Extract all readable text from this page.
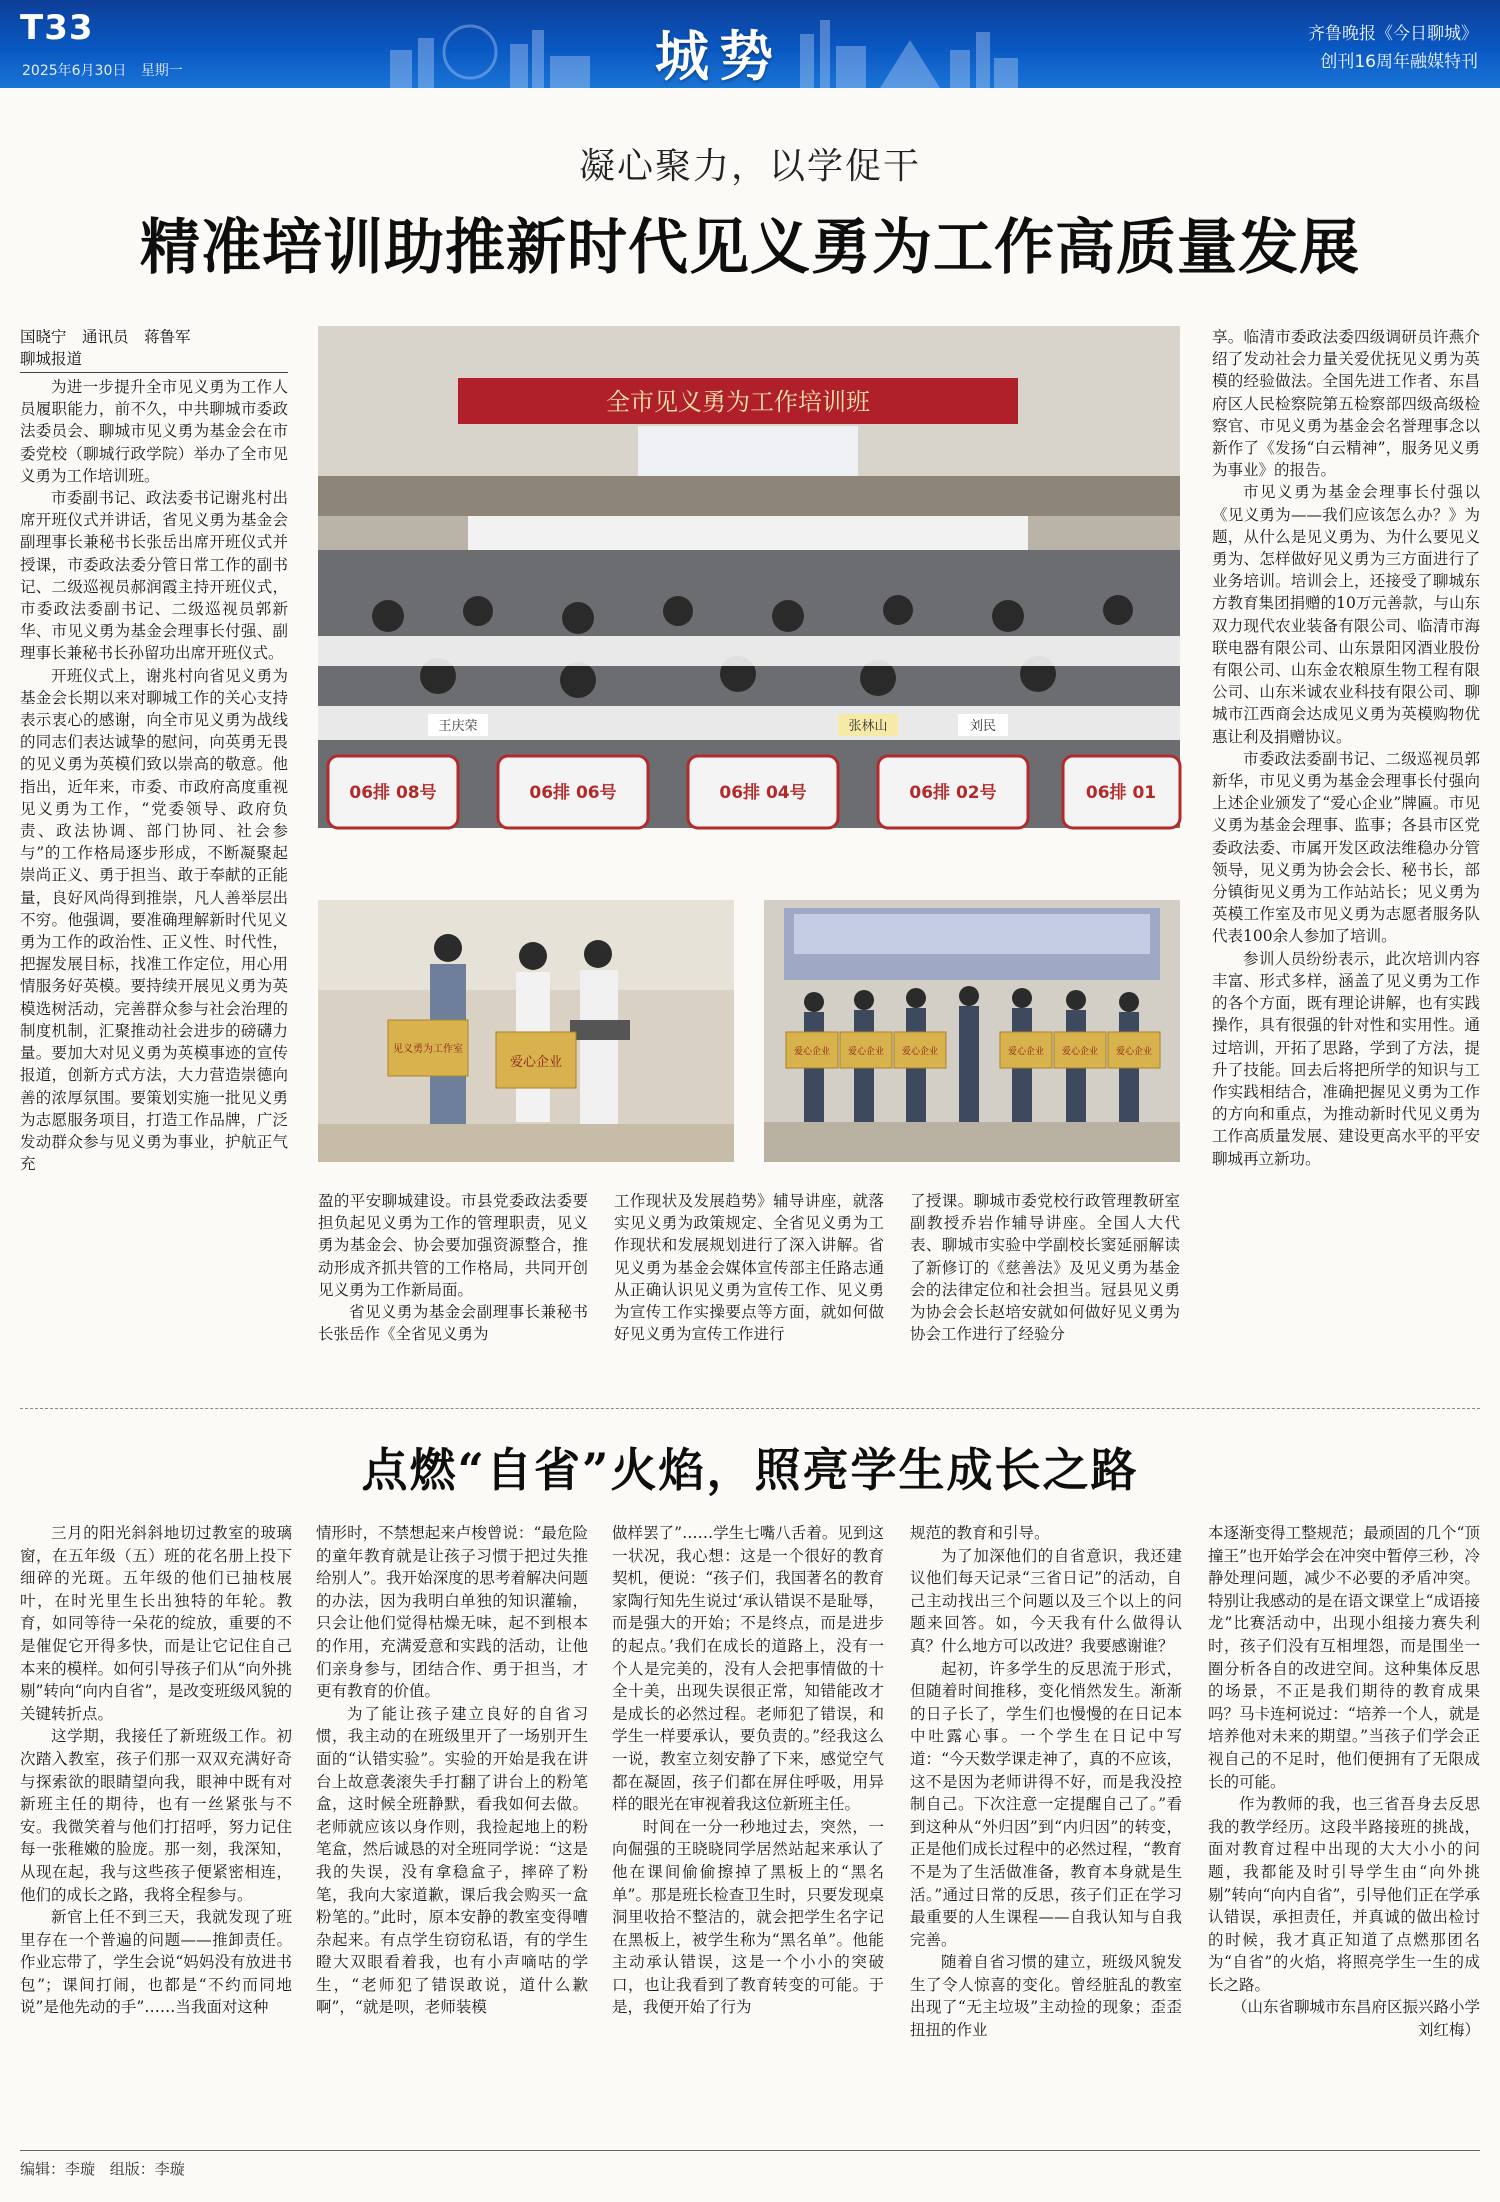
T33
2025年6月30日 星期一	城势	齐鲁晚报《今日聊城》
创刊16周年融媒特刊
凝心聚力，以学促干
精准培训助推新时代见义勇为工作高质量发展
国晓宁　通讯员　蒋鲁军
聊城报道

为进一步提升全市见义勇为工作人员履职能力，前不久，中共聊城市委政法委员会、聊城市见义勇为基金会在市委党校（聊城行政学院）举办了全市见义勇为工作培训班。

市委副书记、政法委书记谢兆村出席开班仪式并讲话，省见义勇为基金会副理事长兼秘书长张岳出席开班仪式并授课，市委政法委分管日常工作的副书记、二级巡视员郝润霞主持开班仪式，市委政法委副书记、二级巡视员郭新华、市见义勇为基金会理事长付强、副理事长兼秘书长孙留功出席开班仪式。

开班仪式上，谢兆村向省见义勇为基金会长期以来对聊城工作的关心支持表示衷心的感谢，向全市见义勇为战线的同志们表达诚挚的慰问，向英勇无畏的见义勇为英模们致以崇高的敬意。他指出，近年来，市委、市政府高度重视见义勇为工作，“党委领导、政府负责、政法协调、部门协同、社会参与”的工作格局逐步形成，不断凝聚起崇尚正义、勇于担当、敢于奉献的正能量，良好风尚得到推崇，凡人善举层出不穷。他强调，要准确理解新时代见义勇为工作的政治性、正义性、时代性，把握发展目标，找准工作定位，用心用情服务好英模。要持续开展见义勇为英模选树活动，完善群众参与社会治理的制度机制，汇聚推动社会进步的磅礴力量。要加大对见义勇为英模事迹的宣传报道，创新方式方法，大力营造崇德向善的浓厚氛围。要策划实施一批见义勇为志愿服务项目，打造工作品牌，广泛发动群众参与见义勇为事业，护航正气充

全市见义勇为工作培训班
06排 08号	06排 06号	06排 04号	06排 02号	06排 01
王庆荣	张林山	刘民
见义勇为工作室
爱心企业
爱心企业 爱心企业 爱心企业	爱心企业 爱心企业 爱心企业

盈的平安聊城建设。市县党委政法委要担负起见义勇为工作的管理职责，见义勇为基金会、协会要加强资源整合，推动形成齐抓共管的工作格局，共同开创见义勇为工作新局面。

省见义勇为基金会副理事长兼秘书长张岳作《全省见义勇为

工作现状及发展趋势》辅导讲座，就落实见义勇为政策规定、全省见义勇为工作现状和发展规划进行了深入讲解。省见义勇为基金会媒体宣传部主任路志通从正确认识见义勇为宣传工作、见义勇为宣传工作实操要点等方面，就如何做好见义勇为宣传工作进行

了授课。聊城市委党校行政管理教研室副教授乔岩作辅导讲座。全国人大代表、聊城市实验中学副校长窦延丽解读了新修订的《慈善法》及见义勇为基金会的法律定位和社会担当。冠县见义勇为协会会长赵培安就如何做好见义勇为协会工作进行了经验分

享。临清市委政法委四级调研员许燕介绍了发动社会力量关爱优抚见义勇为英模的经验做法。全国先进工作者、东昌府区人民检察院第五检察部四级高级检察官、市见义勇为基金会名誉理事念以新作了《发扬“白云精神”，服务见义勇为事业》的报告。

市见义勇为基金会理事长付强以《见义勇为——我们应该怎么办？》为题，从什么是见义勇为、为什么要见义勇为、怎样做好见义勇为三方面进行了业务培训。培训会上，还接受了聊城东方教育集团捐赠的10万元善款，与山东双力现代农业装备有限公司、临清市海联电器有限公司、山东景阳冈酒业股份有限公司、山东金农粮原生物工程有限公司、山东米诚农业科技有限公司、聊城市江西商会达成见义勇为英模购物优惠让利及捐赠协议。

市委政法委副书记、二级巡视员郭新华，市见义勇为基金会理事长付强向上述企业颁发了“爱心企业”牌匾。市见义勇为基金会理事、监事；各县市区党委政法委、市属开发区政法维稳办分管领导，见义勇为协会会长、秘书长，部分镇街见义勇为工作站站长；见义勇为英模工作室及市见义勇为志愿者服务队代表100余人参加了培训。

参训人员纷纷表示，此次培训内容丰富、形式多样，涵盖了见义勇为工作的各个方面，既有理论讲解，也有实践操作，具有很强的针对性和实用性。通过培训，开拓了思路，学到了方法，提升了技能。回去后将把所学的知识与工作实践相结合，准确把握见义勇为工作的方向和重点，为推动新时代见义勇为工作高质量发展、建设更高水平的平安聊城再立新功。

点燃“自省”火焰，照亮学生成长之路

三月的阳光斜斜地切过教室的玻璃窗，在五年级（五）班的花名册上投下细碎的光斑。五年级的他们已抽枝展叶，在时光里生长出独特的年轮。教育，如同等待一朵花的绽放，重要的不是催促它开得多快，而是让它记住自己本来的模样。如何引导孩子们从“向外挑剔”转向“向内自省”，是改变班级风貌的关键转折点。

这学期，我接任了新班级工作。初次踏入教室，孩子们那一双双充满好奇与探索欲的眼睛望向我，眼神中既有对新班主任的期待，也有一丝紧张与不安。我微笑着与他们打招呼，努力记住每一张稚嫩的脸庞。那一刻，我深知，从现在起，我与这些孩子便紧密相连，他们的成长之路，我将全程参与。

新官上任不到三天，我就发现了班里存在一个普遍的问题——推卸责任。作业忘带了，学生会说“妈妈没有放进书包”；课间打闹，也都是“不约而同地说”是他先动的手”……当我面对这种

情形时，不禁想起来卢梭曾说：“最危险的童年教育就是让孩子习惯于把过失推给别人”。我开始深度的思考着解决问题的办法，因为我明白单独的知识灌输，只会让他们觉得枯燥无味，起不到根本的作用，充满爱意和实践的活动，让他们亲身参与，团结合作、勇于担当，才更有教育的价值。

为了能让孩子建立良好的自省习惯，我主动的在班级里开了一场别开生面的“认错实验”。实验的开始是我在讲台上故意袭滚失手打翻了讲台上的粉笔盒，这时候全班静默，看我如何去做。老师就应该以身作则，我捡起地上的粉笔盒，然后诚恳的对全班同学说：“这是我的失误，没有拿稳盒子，摔碎了粉笔，我向大家道歉，课后我会购买一盒粉笔的。”此时，原本安静的教室变得嘈杂起来。有点学生窃窃私语，有的学生瞪大双眼看着我，也有小声嘀咕的学生，“老师犯了错误敢说，道什么歉啊”，“就是呗，老师装模

做样罢了”……学生七嘴八舌着。见到这一状况，我心想：这是一个很好的教育契机，便说：“孩子们，我国著名的教育家陶行知先生说过‘承认错误不是耻辱，而是强大的开始；不是终点，而是进步的起点。’我们在成长的道路上，没有一个人是完美的，没有人会把事情做的十全十美，出现失误很正常，知错能改才是成长的必然过程。老师犯了错误，和学生一样要承认，要负责的。”经我这么一说，教室立刻安静了下来，感觉空气都在凝固，孩子们都在屏住呼吸，用异样的眼光在审视着我这位新班主任。

时间在一分一秒地过去，突然，一向倔强的王晓晓同学居然站起来承认了他在课间偷偷擦掉了黑板上的“黑名单”。那是班长检查卫生时，只要发现桌洞里收拾不整洁的，就会把学生名字记在黑板上，被学生称为“黑名单”。他能主动承认错误，这是一个小小的突破口，也让我看到了教育转变的可能。于是，我便开始了行为

规范的教育和引导。

为了加深他们的自省意识，我还建议他们每天记录“三省日记”的活动，自己主动找出三个问题以及三个以上的问题来回答。如，今天我有什么做得认真？什么地方可以改进？我要感谢谁？

起初，许多学生的反思流于形式，但随着时间推移，变化悄然发生。渐渐的日子长了，学生们也慢慢的在日记本中吐露心事。一个学生在日记中写道：“今天数学课走神了，真的不应该，这不是因为老师讲得不好，而是我没控制自己。下次注意一定提醒自己了。”看到这种从“外归因”到“内归因”的转变，正是他们成长过程中的必然过程，“教育不是为了生活做准备，教育本身就是生活。”通过日常的反思，孩子们正在学习最重要的人生课程——自我认知与自我完善。

随着自省习惯的建立，班级风貌发生了令人惊喜的变化。曾经脏乱的教室出现了“无主垃圾”主动捡的现象；歪歪扭扭的作业

本逐渐变得工整规范；最顽固的几个“顶撞王”也开始学会在冲突中暂停三秒，冷静处理问题，减少不必要的矛盾冲突。特别让我感动的是在语文课堂上“成语接龙”比赛活动中，出现小组接力赛失利时，孩子们没有互相埋怨，而是围坐一圈分析各自的改进空间。这种集体反思的场景，不正是我们期待的教育成果吗？马卡连柯说过：“培养一个人，就是培养他对未来的期望。”当孩子们学会正视自己的不足时，他们便拥有了无限成长的可能。

作为教师的我，也三省吾身去反思我的教学经历。这段半路接班的挑战，面对教育过程中出现的大大小小的问题，我都能及时引导学生由“向外挑剔”转向“向内自省”，引导他们正在学承认错误，承担责任，并真诚的做出检讨的时候，我才真正知道了点燃那团名为“自省”的火焰，将照亮学生一生的成长之路。

（山东省聊城市东昌府区振兴路小学　刘红梅）

编辑：李璇 组版：李璇
